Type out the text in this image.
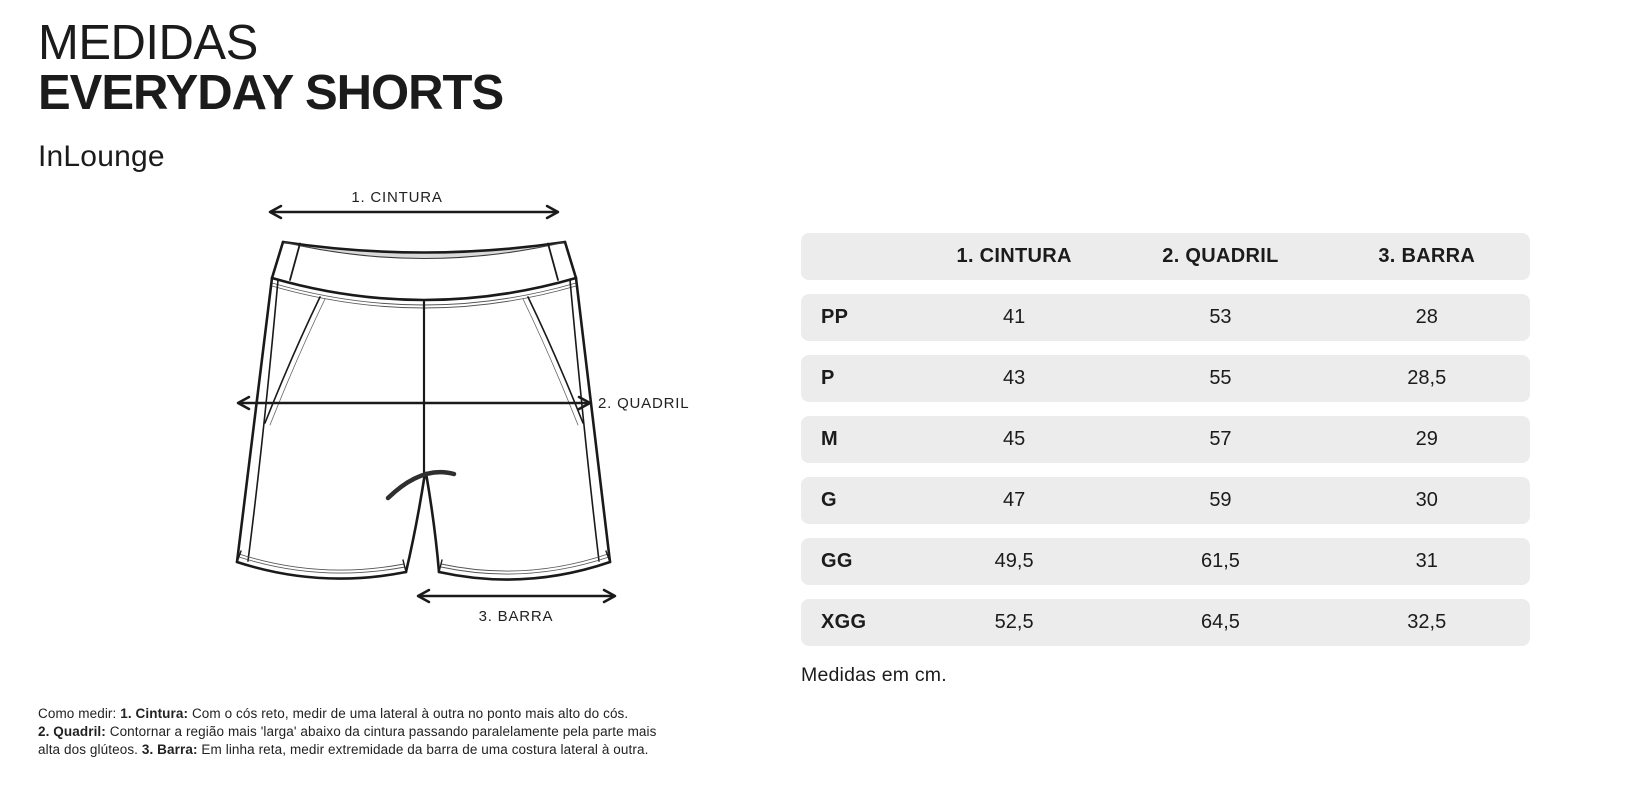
MEDIDAS
EVERYDAY SHORTS
InLounge
1. CINTURA
2. QUADRIL
3. BARRA
1. CINTURA	2. QUADRIL	3. BARRA
PP	41	53	28
P	43	55	28,5
M	45	57	29
G	47	59	30
GG	49,5	61,5	31
XGG	52,5	64,5	32,5
Medidas em cm.
Como medir: 1. Cintura: Com o cós reto, medir de uma lateral à outra no ponto mais alto do cós.
2. Quadril: Contornar a região mais 'larga' abaixo da cintura passando paralelamente pela parte mais alta dos glúteos. 3. Barra: Em linha reta, medir extremidade da barra de uma costura lateral à outra.
